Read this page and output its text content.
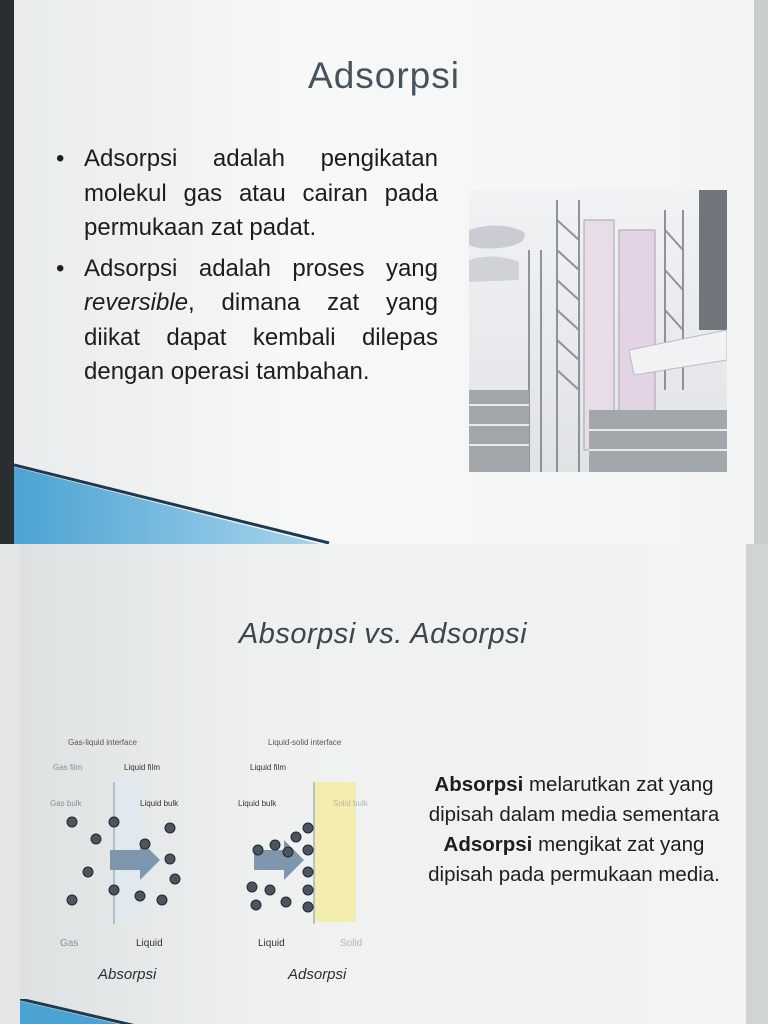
Adsorpsi
• Adsorpsi adalah pengikatan molekul gas atau cairan pada permukaan zat padat.
• Adsorpsi adalah proses yang reversible, dimana zat yang diikat dapat kembali dilepas dengan operasi tambahan.
Absorpsi vs. Adsorpsi
Gas-liquid interface
Gas film	Liquid film
Gas bulk	Liquid bulk
Gas	Liquid
Absorpsi
Liquid-solid interface
Liquid film
Liquid bulk	Solid bulk
Liquid	Solid
Adsorpsi
Absorpsi melarutkan zat yang dipisah dalam media sementara Adsorpsi mengikat zat yang dipisah pada permukaan media.
